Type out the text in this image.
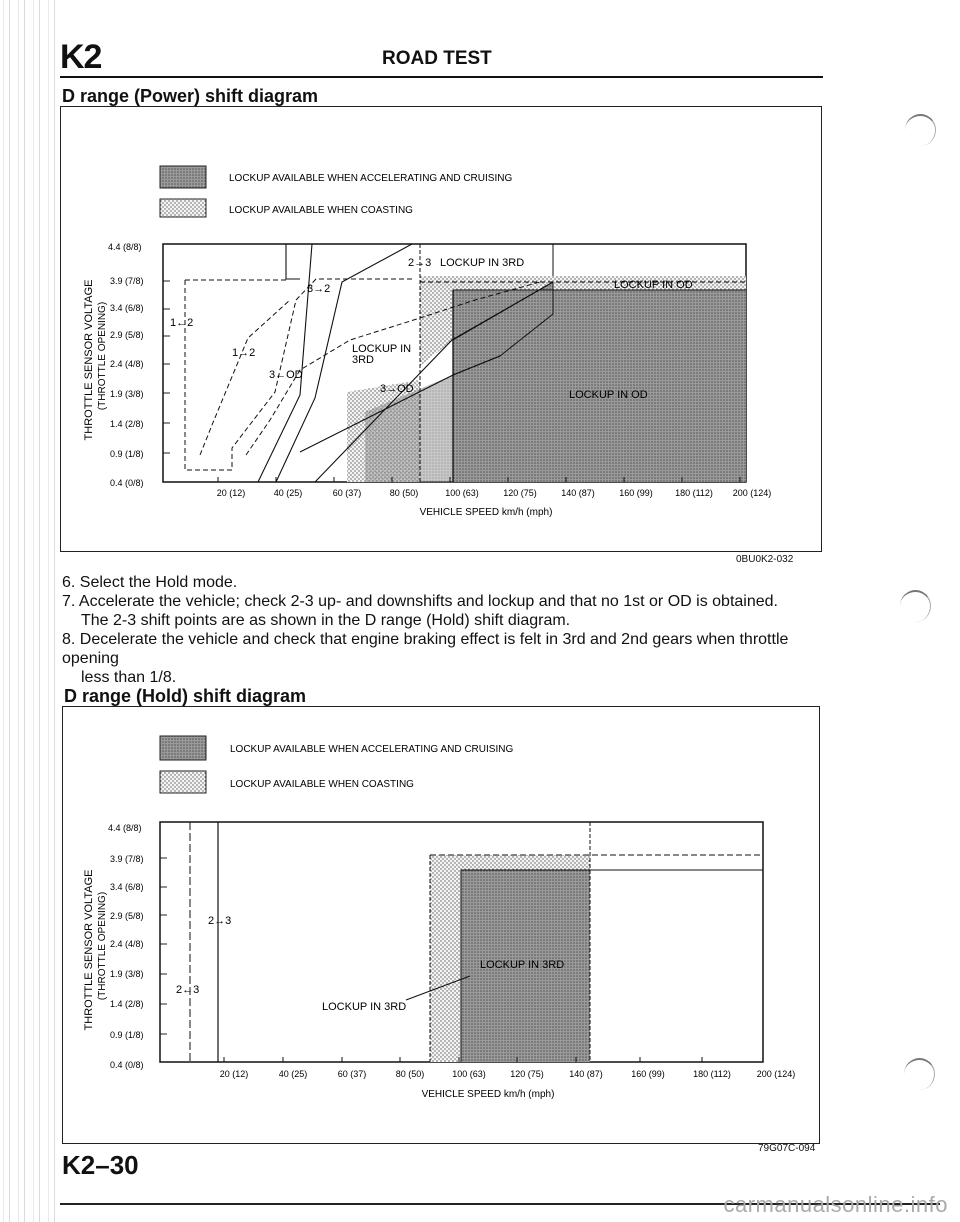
K2	ROAD TEST
D range (Power) shift diagram
0BU0K2-032
LOCKUP AVAILABLE WHEN ACCELERATING AND CRUISING
LOCKUP AVAILABLE WHEN COASTING
4.4 (8/8)
3.9 (7/8)
3.4 (6/8)
2.9 (5/8)
2.4 (4/8)
1.9 (3/8)
1.4 (2/8)
0.9 (1/8)
0.4 (0/8)
THROTTLE SENSOR VOLTAGE (THROTTLE OPENING)	1←2
1→2
3→2
3←OD
2→3 LOCKUP IN 3RD
LOCKUP IN
3RD
3→OD
LOCKUP IN OD
LOCKUP IN OD
20 (12)	40 (25)	60 (37)	80 (50)	100 (63)	120 (75)	140 (87)	160 (99) 180 (112) 200 (124)
VEHICLE SPEED km/h (mph)
6. Select the Hold mode.
7. Accelerate the vehicle; check 2-3 up- and downshifts and lockup and that no 1st or OD is obtained.
The 2-3 shift points are as shown in the D range (Hold) shift diagram.
8. Decelerate the vehicle and check that engine braking effect is felt in 3rd and 2nd gears when throttle opening
less than 1/8.
D range (Hold) shift diagram
79G07C-094
LOCKUP AVAILABLE WHEN ACCELERATING AND CRUISING
LOCKUP AVAILABLE WHEN COASTING
4.4 (8/8)
3.9 (7/8)
3.4 (6/8)
2.9 (5/8)
2.4 (4/8)
1.9 (3/8)
1.4 (2/8)
0.9 (1/8)
0.4 (0/8)
THROTTLE SENSOR VOLTAGE (THROTTLE OPENING)	2→3
2←3
LOCKUP IN 3RD
LOCKUP IN 3RD
20 (12)	40 (25)	60 (37)	80 (50)	100 (63)	120 (75)	140 (87)	160 (99)	180 (112)	200 (124)
VEHICLE SPEED km/h (mph)
K2–30
carmanualsonline.info
